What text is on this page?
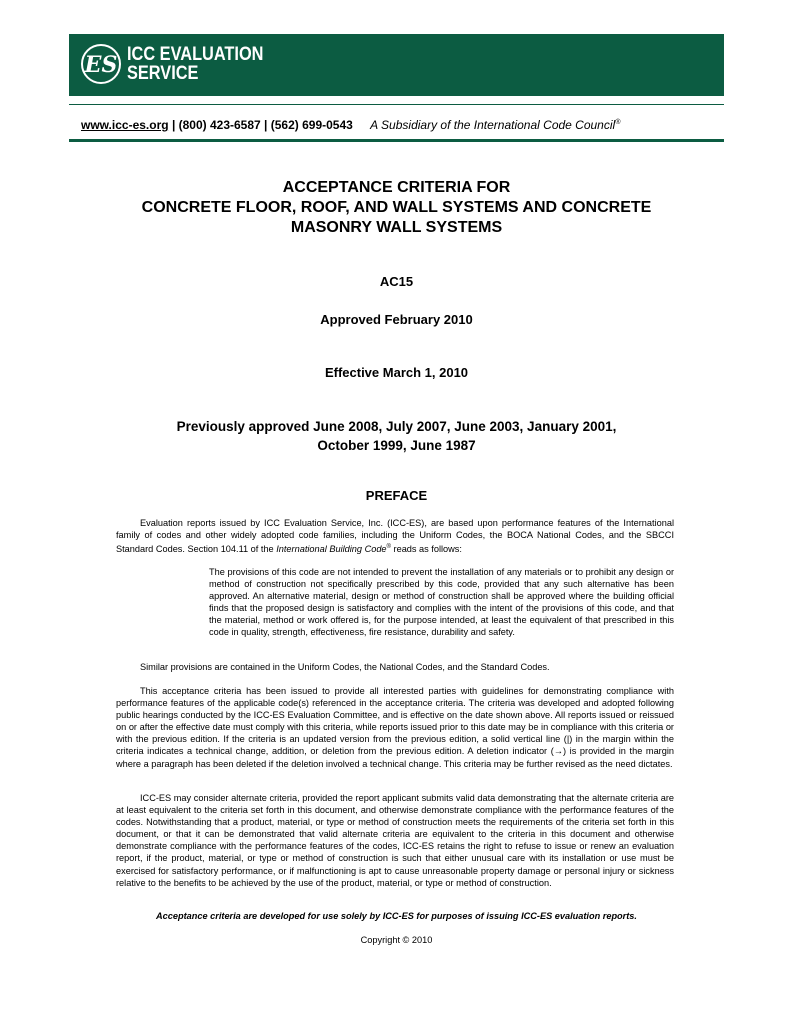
ES ICC EVALUATION
SERVICE
www.icc-es.org | (800) 423-6587 | (562) 699-0543 A Subsidiary of the International Code Council®
ACCEPTANCE CRITERIA FOR
CONCRETE FLOOR, ROOF, AND WALL SYSTEMS AND CONCRETE
MASONRY WALL SYSTEMS
AC15
Approved February 2010
Effective March 1, 2010
Previously approved June 2008, July 2007, June 2003, January 2001,
October 1999, June 1987
PREFACE
Evaluation reports issued by ICC Evaluation Service, Inc. (ICC-ES), are based upon performance features of the International family of codes and other widely adopted code families, including the Uniform Codes, the BOCA National Codes, and the SBCCI Standard Codes. Section 104.11 of the International Building Code® reads as follows:
The provisions of this code are not intended to prevent the installation of any materials or to prohibit any design or method of construction not specifically prescribed by this code, provided that any such alternative has been approved. An alternative material, design or method of construction shall be approved where the building official finds that the proposed design is satisfactory and complies with the intent of the provisions of this code, and that the material, method or work offered is, for the purpose intended, at least the equivalent of that prescribed in this code in quality, strength, effectiveness, fire resistance, durability and safety.
Similar provisions are contained in the Uniform Codes, the National Codes, and the Standard Codes.
This acceptance criteria has been issued to provide all interested parties with guidelines for demonstrating compliance with performance features of the applicable code(s) referenced in the acceptance criteria. The criteria was developed and adopted following public hearings conducted by the ICC-ES Evaluation Committee, and is effective on the date shown above. All reports issued or reissued on or after the effective date must comply with this criteria, while reports issued prior to this date may be in compliance with this criteria or with the previous edition. If the criteria is an updated version from the previous edition, a solid vertical line (|) in the margin within the criteria indicates a technical change, addition, or deletion from the previous edition. A deletion indicator (→) is provided in the margin where a paragraph has been deleted if the deletion involved a technical change. This criteria may be further revised as the need dictates.
ICC-ES may consider alternate criteria, provided the report applicant submits valid data demonstrating that the alternate criteria are at least equivalent to the criteria set forth in this document, and otherwise demonstrate compliance with the performance features of the codes. Notwithstanding that a product, material, or type or method of construction meets the requirements of the criteria set forth in this document, or that it can be demonstrated that valid alternate criteria are equivalent to the criteria in this document and otherwise demonstrate compliance with the performance features of the codes, ICC-ES retains the right to refuse to issue or renew an evaluation report, if the product, material, or type or method of construction is such that either unusual care with its installation or use must be exercised for satisfactory performance, or if malfunctioning is apt to cause unreasonable property damage or personal injury or sickness relative to the benefits to be achieved by the use of the product, material, or type or method of construction.
Acceptance criteria are developed for use solely by ICC-ES for purposes of issuing ICC-ES evaluation reports.
Copyright © 2010
